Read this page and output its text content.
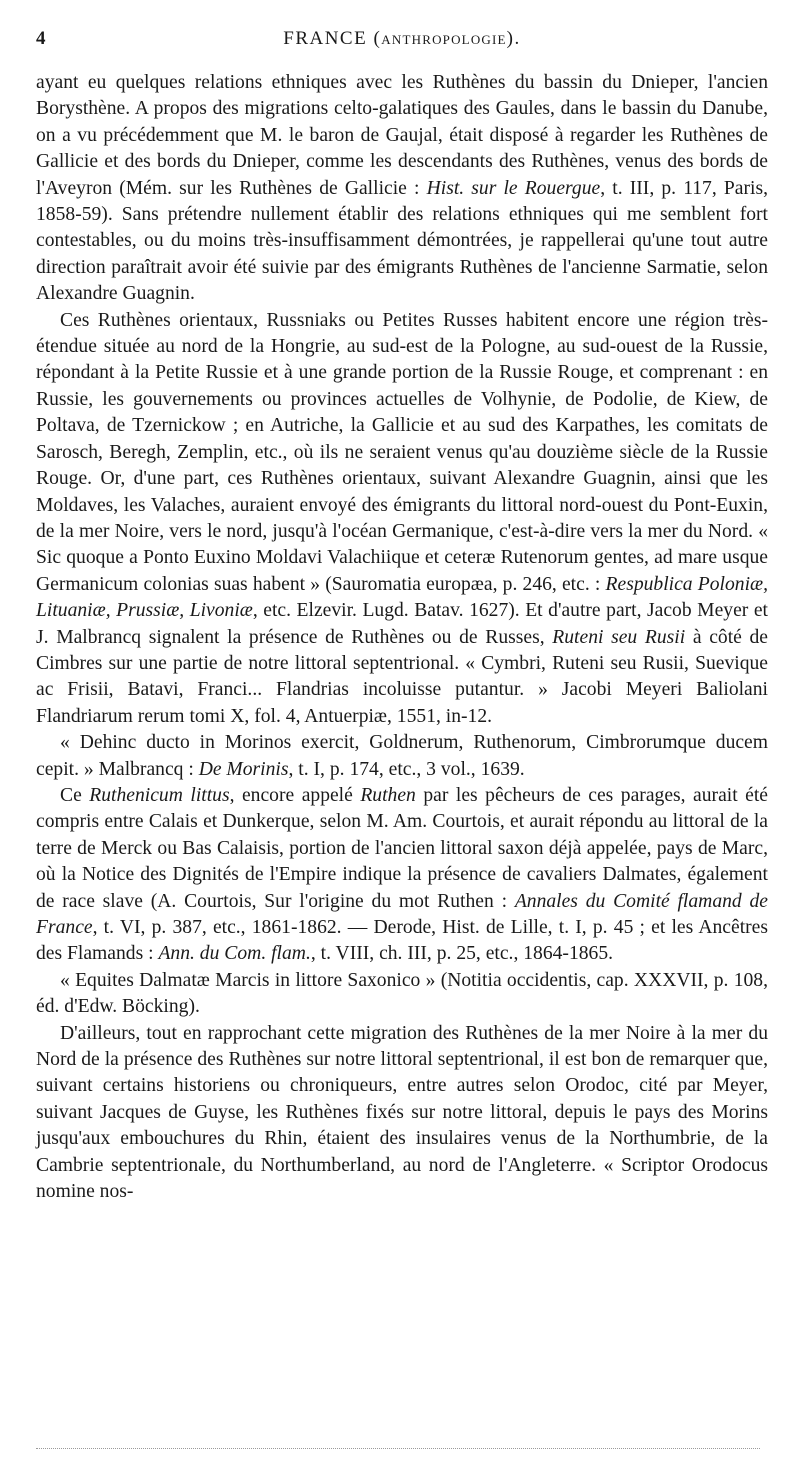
4	FRANCE (ANTHROPOLOGIE).

ayant eu quelques relations ethniques avec les Ruthènes du bassin du Dnieper, l'ancien Borysthène. A propos des migrations celto-galatiques des Gaules, dans le bassin du Danube, on a vu précédemment que M. le baron de Gaujal, était disposé à regarder les Ruthènes de Gallicie et des bords du Dnieper, comme les descendants des Ruthènes, venus des bords de l'Aveyron (Mém. sur les Ruthènes de Gallicie : Hist. sur le Rouergue, t. III, p. 117, Paris, 1858-59). Sans prétendre nullement établir des relations ethniques qui me semblent fort contestables, ou du moins très-insuffisamment démontrées, je rappellerai qu'une tout autre direction paraîtrait avoir été suivie par des émigrants Ruthènes de l'ancienne Sarmatie, selon Alexandre Guagnin.

Ces Ruthènes orientaux, Russniaks ou Petites Russes habitent encore une région très-étendue située au nord de la Hongrie, au sud-est de la Pologne, au sud-ouest de la Russie, répondant à la Petite Russie et à une grande portion de la Russie Rouge, et comprenant : en Russie, les gouvernements ou provinces actuelles de Volhynie, de Podolie, de Kiew, de Poltava, de Tzernickow ; en Autriche, la Gallicie et au sud des Karpathes, les comitats de Sarosch, Beregh, Zemplin, etc., où ils ne seraient venus qu'au douzième siècle de la Russie Rouge. Or, d'une part, ces Ruthènes orientaux, suivant Alexandre Guagnin, ainsi que les Moldaves, les Valaches, auraient envoyé des émigrants du littoral nord-ouest du Pont-Euxin, de la mer Noire, vers le nord, jusqu'à l'océan Germanique, c'est-à-dire vers la mer du Nord. « Sic quoque a Ponto Euxino Moldavi Valachiique et ceteræ Rutenorum gentes, ad mare usque Germanicum colonias suas habent » (Sauromatia europæa, p. 246, etc. : Respublica Poloniæ, Lituaniæ, Prussiæ, Livoniæ, etc. Elzevir. Lugd. Batav. 1627). Et d'autre part, Jacob Meyer et J. Malbrancq signalent la présence de Ruthènes ou de Russes, Ruteni seu Rusii à côté de Cimbres sur une partie de notre littoral septentrional. « Cymbri, Ruteni seu Rusii, Suevique ac Frisii, Batavi, Franci... Flandrias incoluisse putantur. » Jacobi Meyeri Baliolani Flandriarum rerum tomi X, fol. 4, Antuerpiæ, 1551, in-12.

« Dehinc ducto in Morinos exercit, Goldnerum, Ruthenorum, Cimbrorumque ducem cepit. » Malbrancq : De Morinis, t. I, p. 174, etc., 3 vol., 1639.

Ce Ruthenicum littus, encore appelé Ruthen par les pêcheurs de ces parages, aurait été compris entre Calais et Dunkerque, selon M. Am. Courtois, et aurait répondu au littoral de la terre de Merck ou Bas Calaisis, portion de l'ancien littoral saxon déjà appelée, pays de Marc, où la Notice des Dignités de l'Empire indique la présence de cavaliers Dalmates, également de race slave (A. Courtois, Sur l'origine du mot Ruthen : Annales du Comité flamand de France, t. VI, p. 387, etc., 1861-1862. — Derode, Hist. de Lille, t. I, p. 45 ; et les Ancêtres des Flamands : Ann. du Com. flam., t. VIII, ch. III, p. 25, etc., 1864-1865.

« Equites Dalmatæ Marcis in littore Saxonico » (Notitia occidentis, cap. XXXVII, p. 108, éd. d'Edw. Böcking).

D'ailleurs, tout en rapprochant cette migration des Ruthènes de la mer Noire à la mer du Nord de la présence des Ruthènes sur notre littoral septentrional, il est bon de remarquer que, suivant certains historiens ou chroniqueurs, entre autres selon Orodoc, cité par Meyer, suivant Jacques de Guyse, les Ruthènes fixés sur notre littoral, depuis le pays des Morins jusqu'aux embouchures du Rhin, étaient des insulaires venus de la Northumbrie, de la Cambrie septentrionale, du Northumberland, au nord de l'Angleterre. « Scriptor Orodocus nomine nos-
